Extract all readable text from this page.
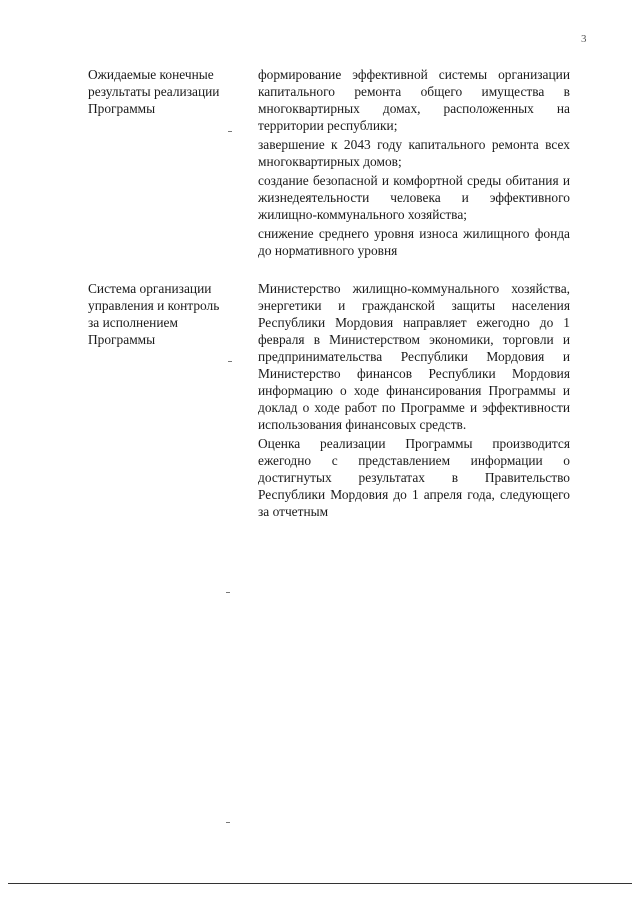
3
Ожидаемые конечные
результаты реализации
Программы
формирование эффективной системы организации капитального ремонта общего имущества в многоквартирных домах, расположенных на территории республики;
завершение к 2043 году капитального ремонта всех многоквартирных домов;
создание безопасной и комфортной среды обитания и жизнедеятельности человека и эффективного жилищно-коммунального хозяйства;
снижение среднего уровня износа жилищного фонда до нормативного уровня
Система организации
управления и контроль
за исполнением
Программы
Министерство жилищно-коммунального хозяйства, энергетики и гражданской защиты населения Республики Мордовия направляет ежегодно до 1 февраля в Министерством экономики, торговли и предпринимательства Республики Мордовия и Министерство финансов Республики Мордовия информацию о ходе финансирования Программы и доклад о ходе работ по Программе и эффективности использования финансовых средств.
Оценка реализации Программы производится ежегодно с представлением информации о достигнутых результатах в Правительство Республики Мордовия до 1 апреля года, следующего за отчетным
